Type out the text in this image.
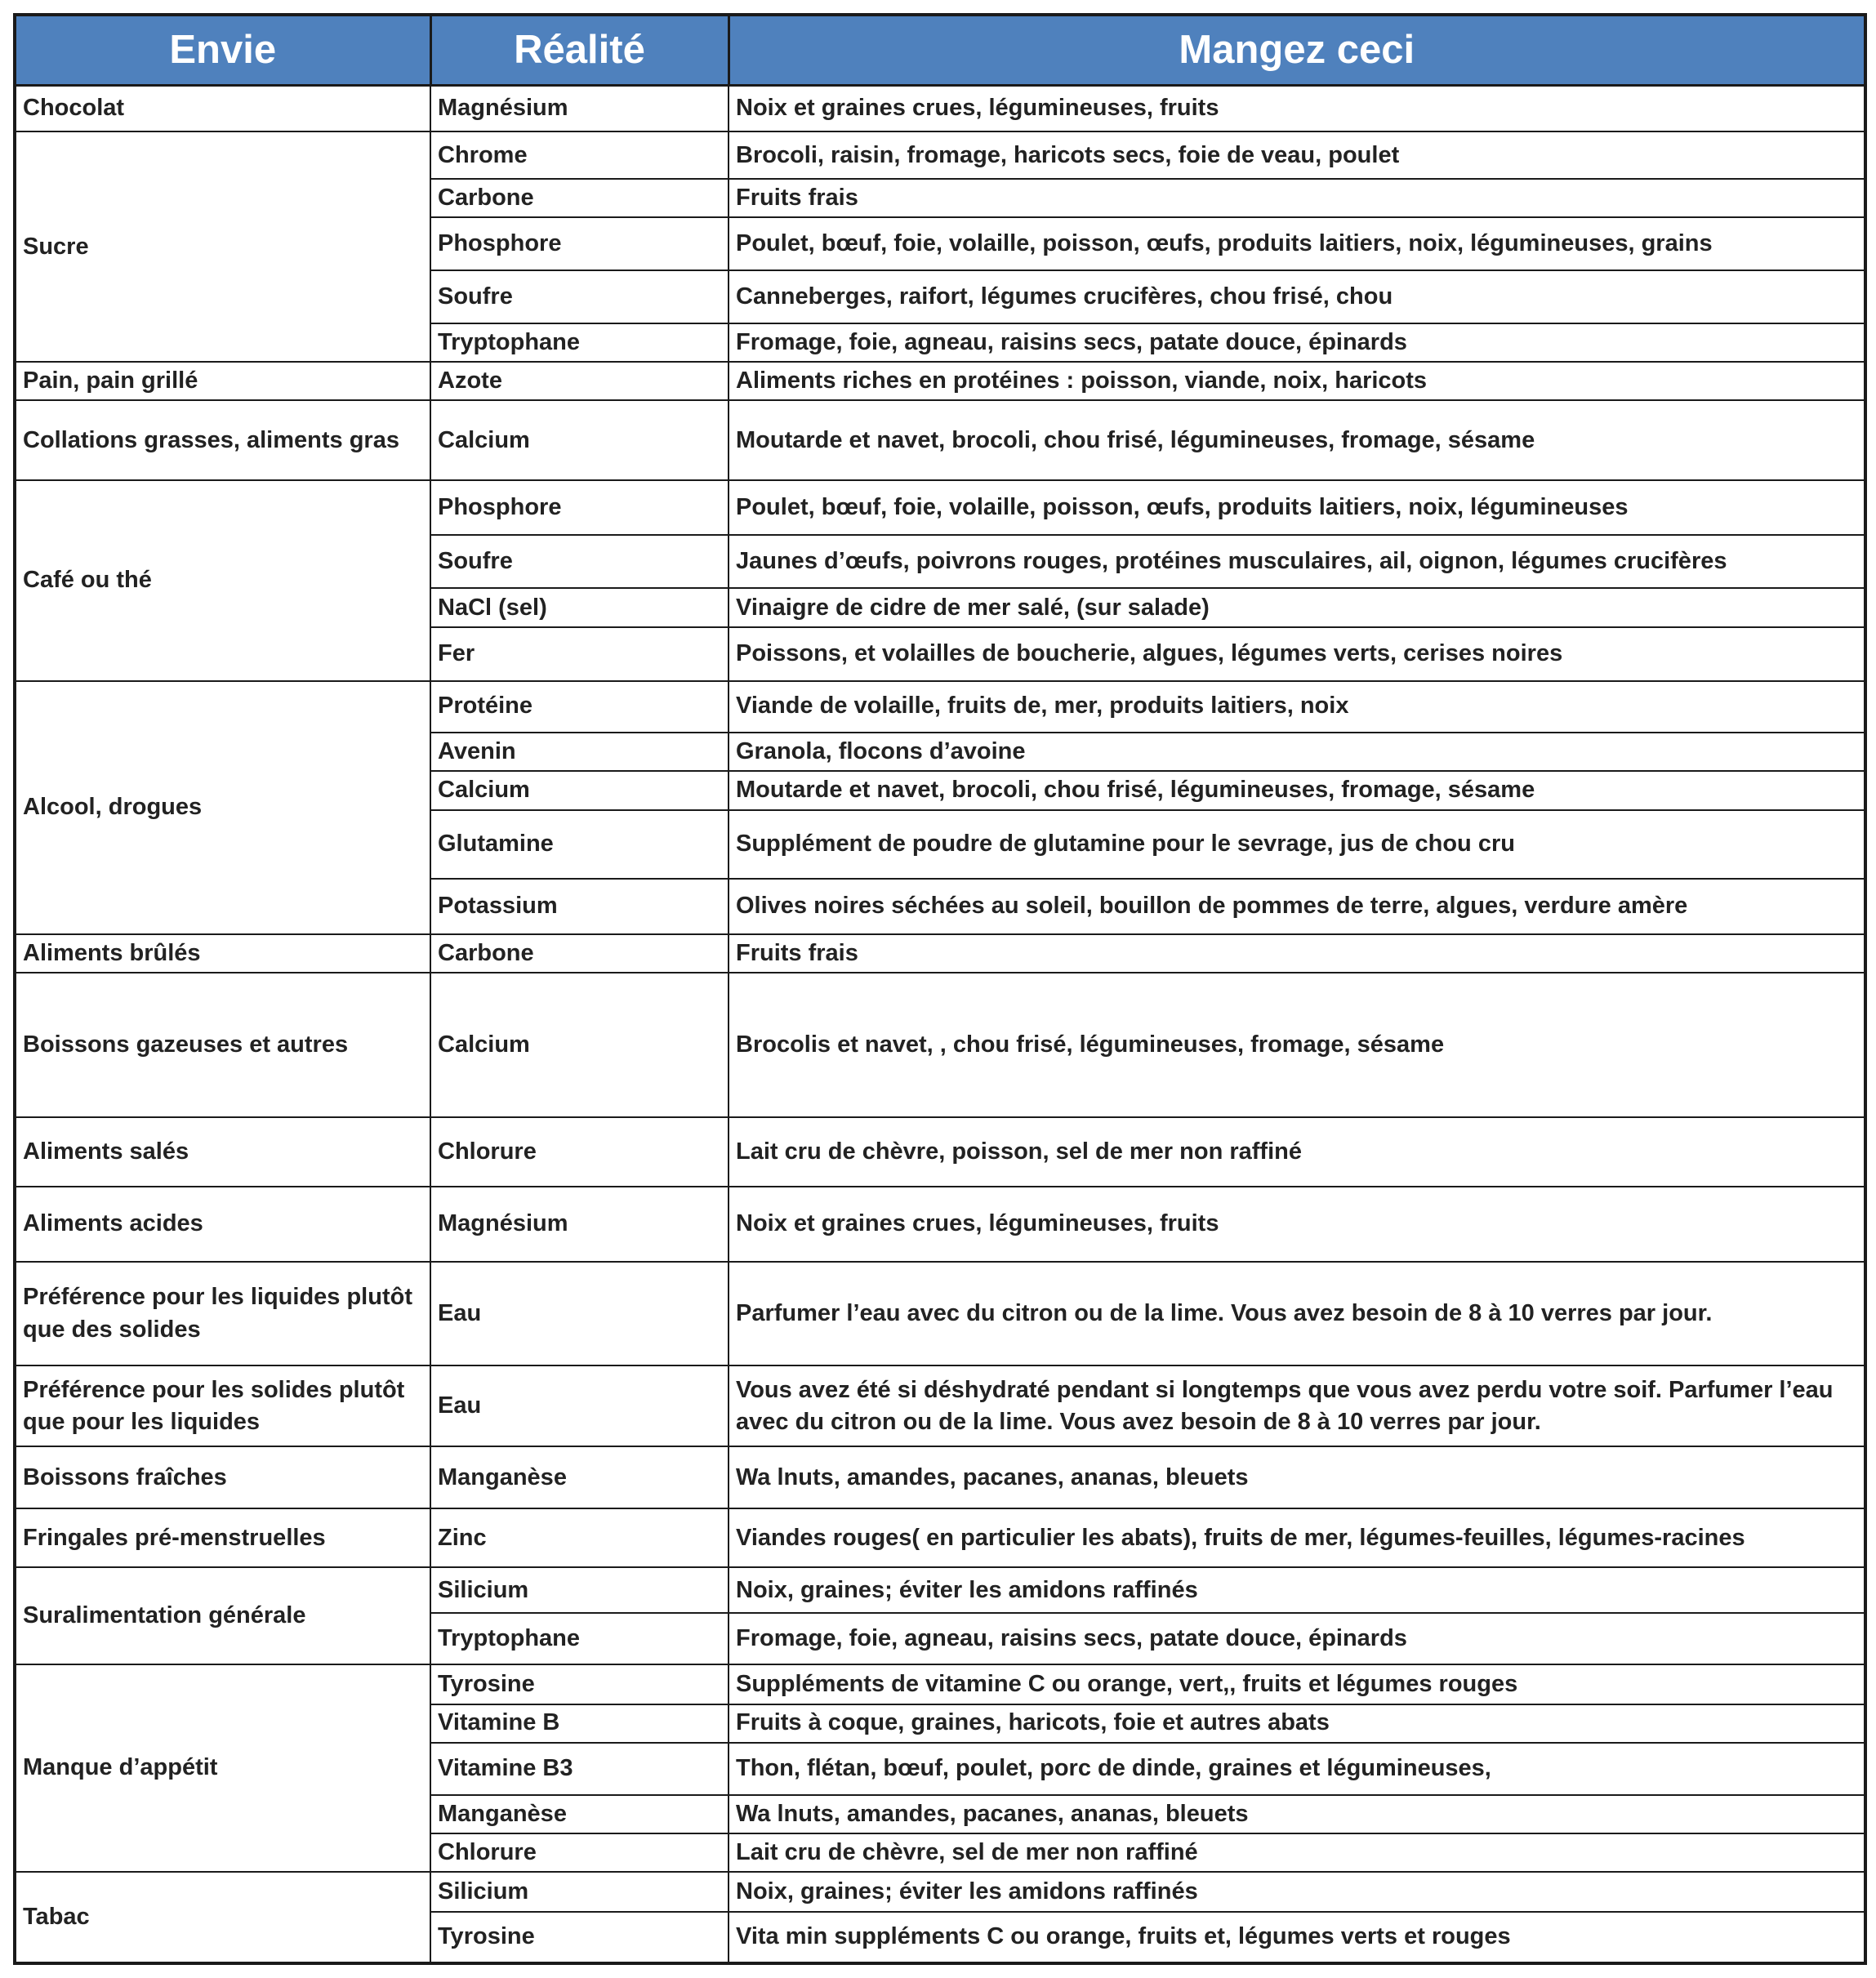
Envie	Réalité	Mangez ceci
Chocolat	Magnésium	Noix et graines crues, légumineuses, fruits
Sucre	Chrome	Brocoli, raisin, fromage, haricots secs, foie de veau, poulet
	Carbone	Fruits frais
	Phosphore	Poulet, bœuf, foie, volaille, poisson, œufs, produits laitiers, noix, légumineuses, grains
	Soufre	Canneberges, raifort, légumes crucifères, chou frisé, chou
	Tryptophane	Fromage, foie, agneau, raisins secs, patate douce, épinards
Pain, pain grillé	Azote	Aliments riches en protéines : poisson, viande, noix, haricots
Collations grasses, aliments gras	Calcium	Moutarde et navet, brocoli, chou frisé, légumineuses, fromage, sésame
Café ou thé	Phosphore	Poulet, bœuf, foie, volaille, poisson, œufs, produits laitiers, noix, légumineuses
	Soufre	Jaunes d’œufs, poivrons rouges, protéines musculaires, ail, oignon, légumes crucifères
	NaCl (sel)	Vinaigre de cidre de mer salé, (sur salade)
	Fer	Poissons, et volailles de boucherie, algues, légumes verts, cerises noires
Alcool, drogues	Protéine	Viande de volaille, fruits de, mer, produits laitiers, noix
	Avenin	Granola, flocons d’avoine
	Calcium	Moutarde et navet, brocoli, chou frisé, légumineuses, fromage, sésame
	Glutamine	Supplément de poudre de glutamine pour le sevrage, jus de chou cru
	Potassium	Olives noires séchées au soleil, bouillon de pommes de terre, algues, verdure amère
Aliments brûlés	Carbone	Fruits frais
Boissons gazeuses et autres	Calcium	Brocolis et navet, , chou frisé, légumineuses, fromage, sésame
Aliments salés	Chlorure	Lait cru de chèvre, poisson, sel de mer non raffiné
Aliments acides	Magnésium	Noix et graines crues, légumineuses, fruits
Préférence pour les liquides plutôt que des solides	Eau	Parfumer l’eau avec du citron ou de la lime. Vous avez besoin de 8 à 10 verres par jour.
Préférence pour les solides plutôt que pour les liquides	Eau	Vous avez été si déshydraté pendant si longtemps que vous avez perdu votre soif. Parfumer l’eau avec du citron ou de la lime. Vous avez besoin de 8 à 10 verres par jour.
Boissons fraîches	Manganèse	Wa lnuts, amandes, pacanes, ananas, bleuets
Fringales pré-menstruelles	Zinc	Viandes rouges( en particulier les abats), fruits de mer, légumes-feuilles, légumes-racines
Suralimentation générale	Silicium	Noix, graines; éviter les amidons raffinés
	Tryptophane	Fromage, foie, agneau, raisins secs, patate douce, épinards
Manque d’appétit	Tyrosine	Suppléments de vitamine C ou orange, vert,, fruits et légumes rouges
	Vitamine B	Fruits à coque, graines, haricots, foie et autres abats
	Vitamine B3	Thon, flétan, bœuf, poulet, porc de dinde, graines et légumineuses,
	Manganèse	Wa lnuts, amandes, pacanes, ananas, bleuets
	Chlorure	Lait cru de chèvre, sel de mer non raffiné
Tabac	Silicium	Noix, graines; éviter les amidons raffinés
	Tyrosine	Vita min suppléments C ou orange, fruits et, légumes verts et rouges
